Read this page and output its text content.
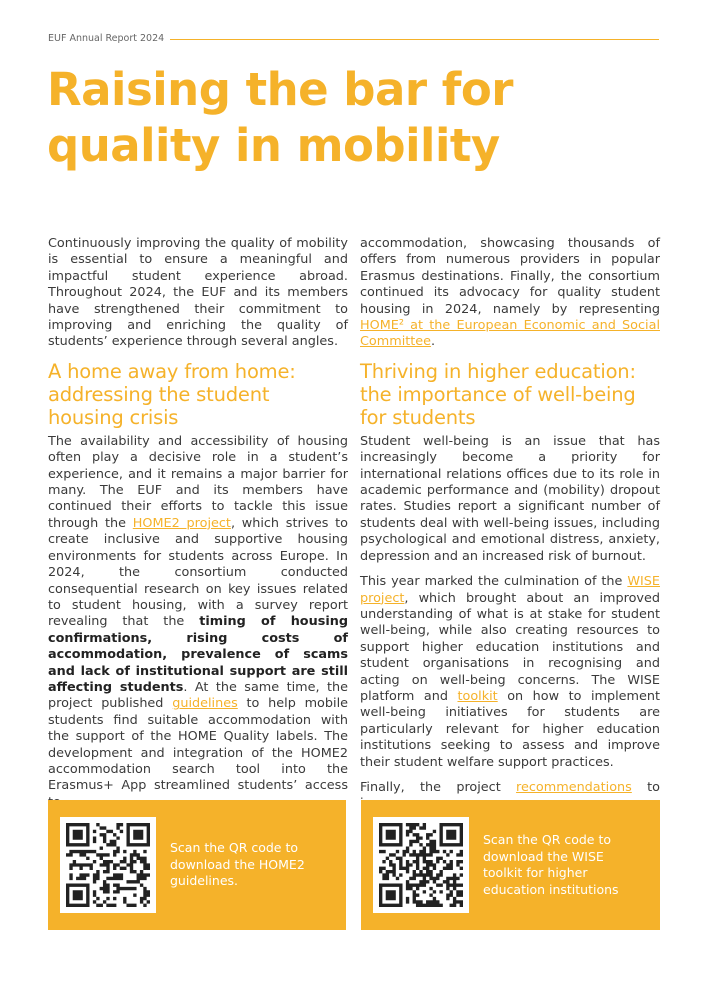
EUF Annual Report 2024
Raising the bar for quality in mobility

Continuously improving the quality of mobility is essential to ensure a meaningful and impactful student experience abroad. Throughout 2024, the EUF and its members have strengthened their commitment to improving and enriching the quality of students’ experience through several angles.

A home away from home: addressing the student housing crisis

The availability and accessibility of housing often play a decisive role in a student’s experience, and it remains a major barrier for many. The EUF and its members have continued their efforts to tackle this issue through the HOME2 project, which strives to create inclusive and supportive housing environments for students across Europe. In 2024, the consortium conducted consequential research on key issues related to student housing, with a survey report revealing that the timing of housing confirmations, rising costs of accommodation, prevalence of scams and lack of institutional support are still affecting students. At the same time, the project published guidelines to help mobile students find suitable accommodation with the support of the HOME Quality labels. The development and integration of the HOME2 accommodation search tool into the Erasmus+ App streamlined students’ access

accommodation, showcasing thousands of offers from numerous providers in popular Erasmus destinations. Finally, the consortium continued its advocacy for quality student housing in 2024, namely by representing HOME² at the European Economic and Social Committee.

Thriving in higher education: the importance of well-being for students

Student well-being is an issue that has increasingly become a priority for international relations offices due to its role in academic performance and (mobility) dropout rates. Studies report a significant number of students deal with well-being issues, including psychological and emotional distress, anxiety, depression and an increased risk of burnout.

This year marked the culmination of the WISE project, which brought about an improved understanding of what is at stake for student well-being, while also creating resources to support higher education institutions and student organisations in recognising and acting on well-being concerns. The WISE platform and toolkit on how to implement well-being initiatives for students are particularly relevant for higher education institutions seeking to assess and improve their student welfare support practices.

Finally, the project recommendations to

Scan the QR code to download the HOME2 guidelines.
Scan the QR code to download the WISE toolkit for higher education institutions
